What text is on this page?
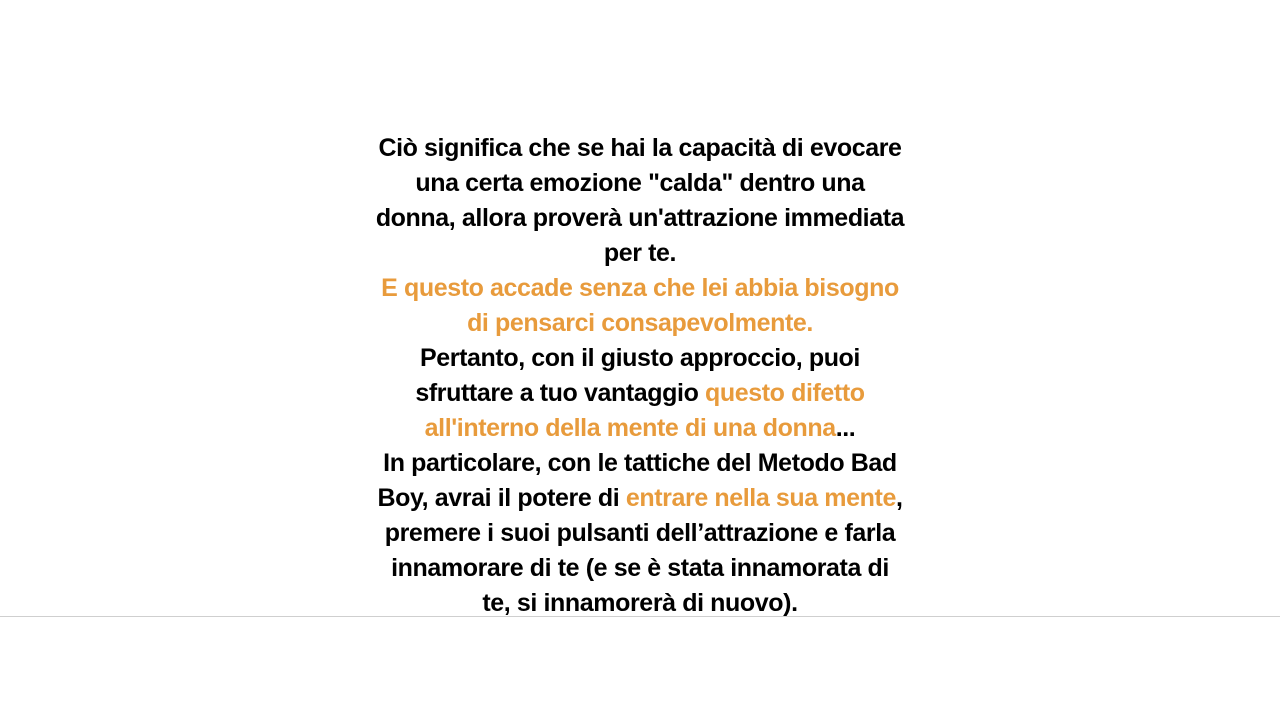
Ciò significa che se hai la capacità di evocare una certa emozione "calda" dentro una donna, allora proverà un'attrazione immediata per te.

E questo accade senza che lei abbia bisogno di pensarci consapevolmente.

Pertanto, con il giusto approccio, puoi sfruttare a tuo vantaggio questo difetto all'interno della mente di una donna...

In particolare, con le tattiche del Metodo Bad Boy, avrai il potere di entrare nella sua mente, premere i suoi pulsanti dell’attrazione e farla innamorare di te (e se è stata innamorata di te, si innamorerà di nuovo).
